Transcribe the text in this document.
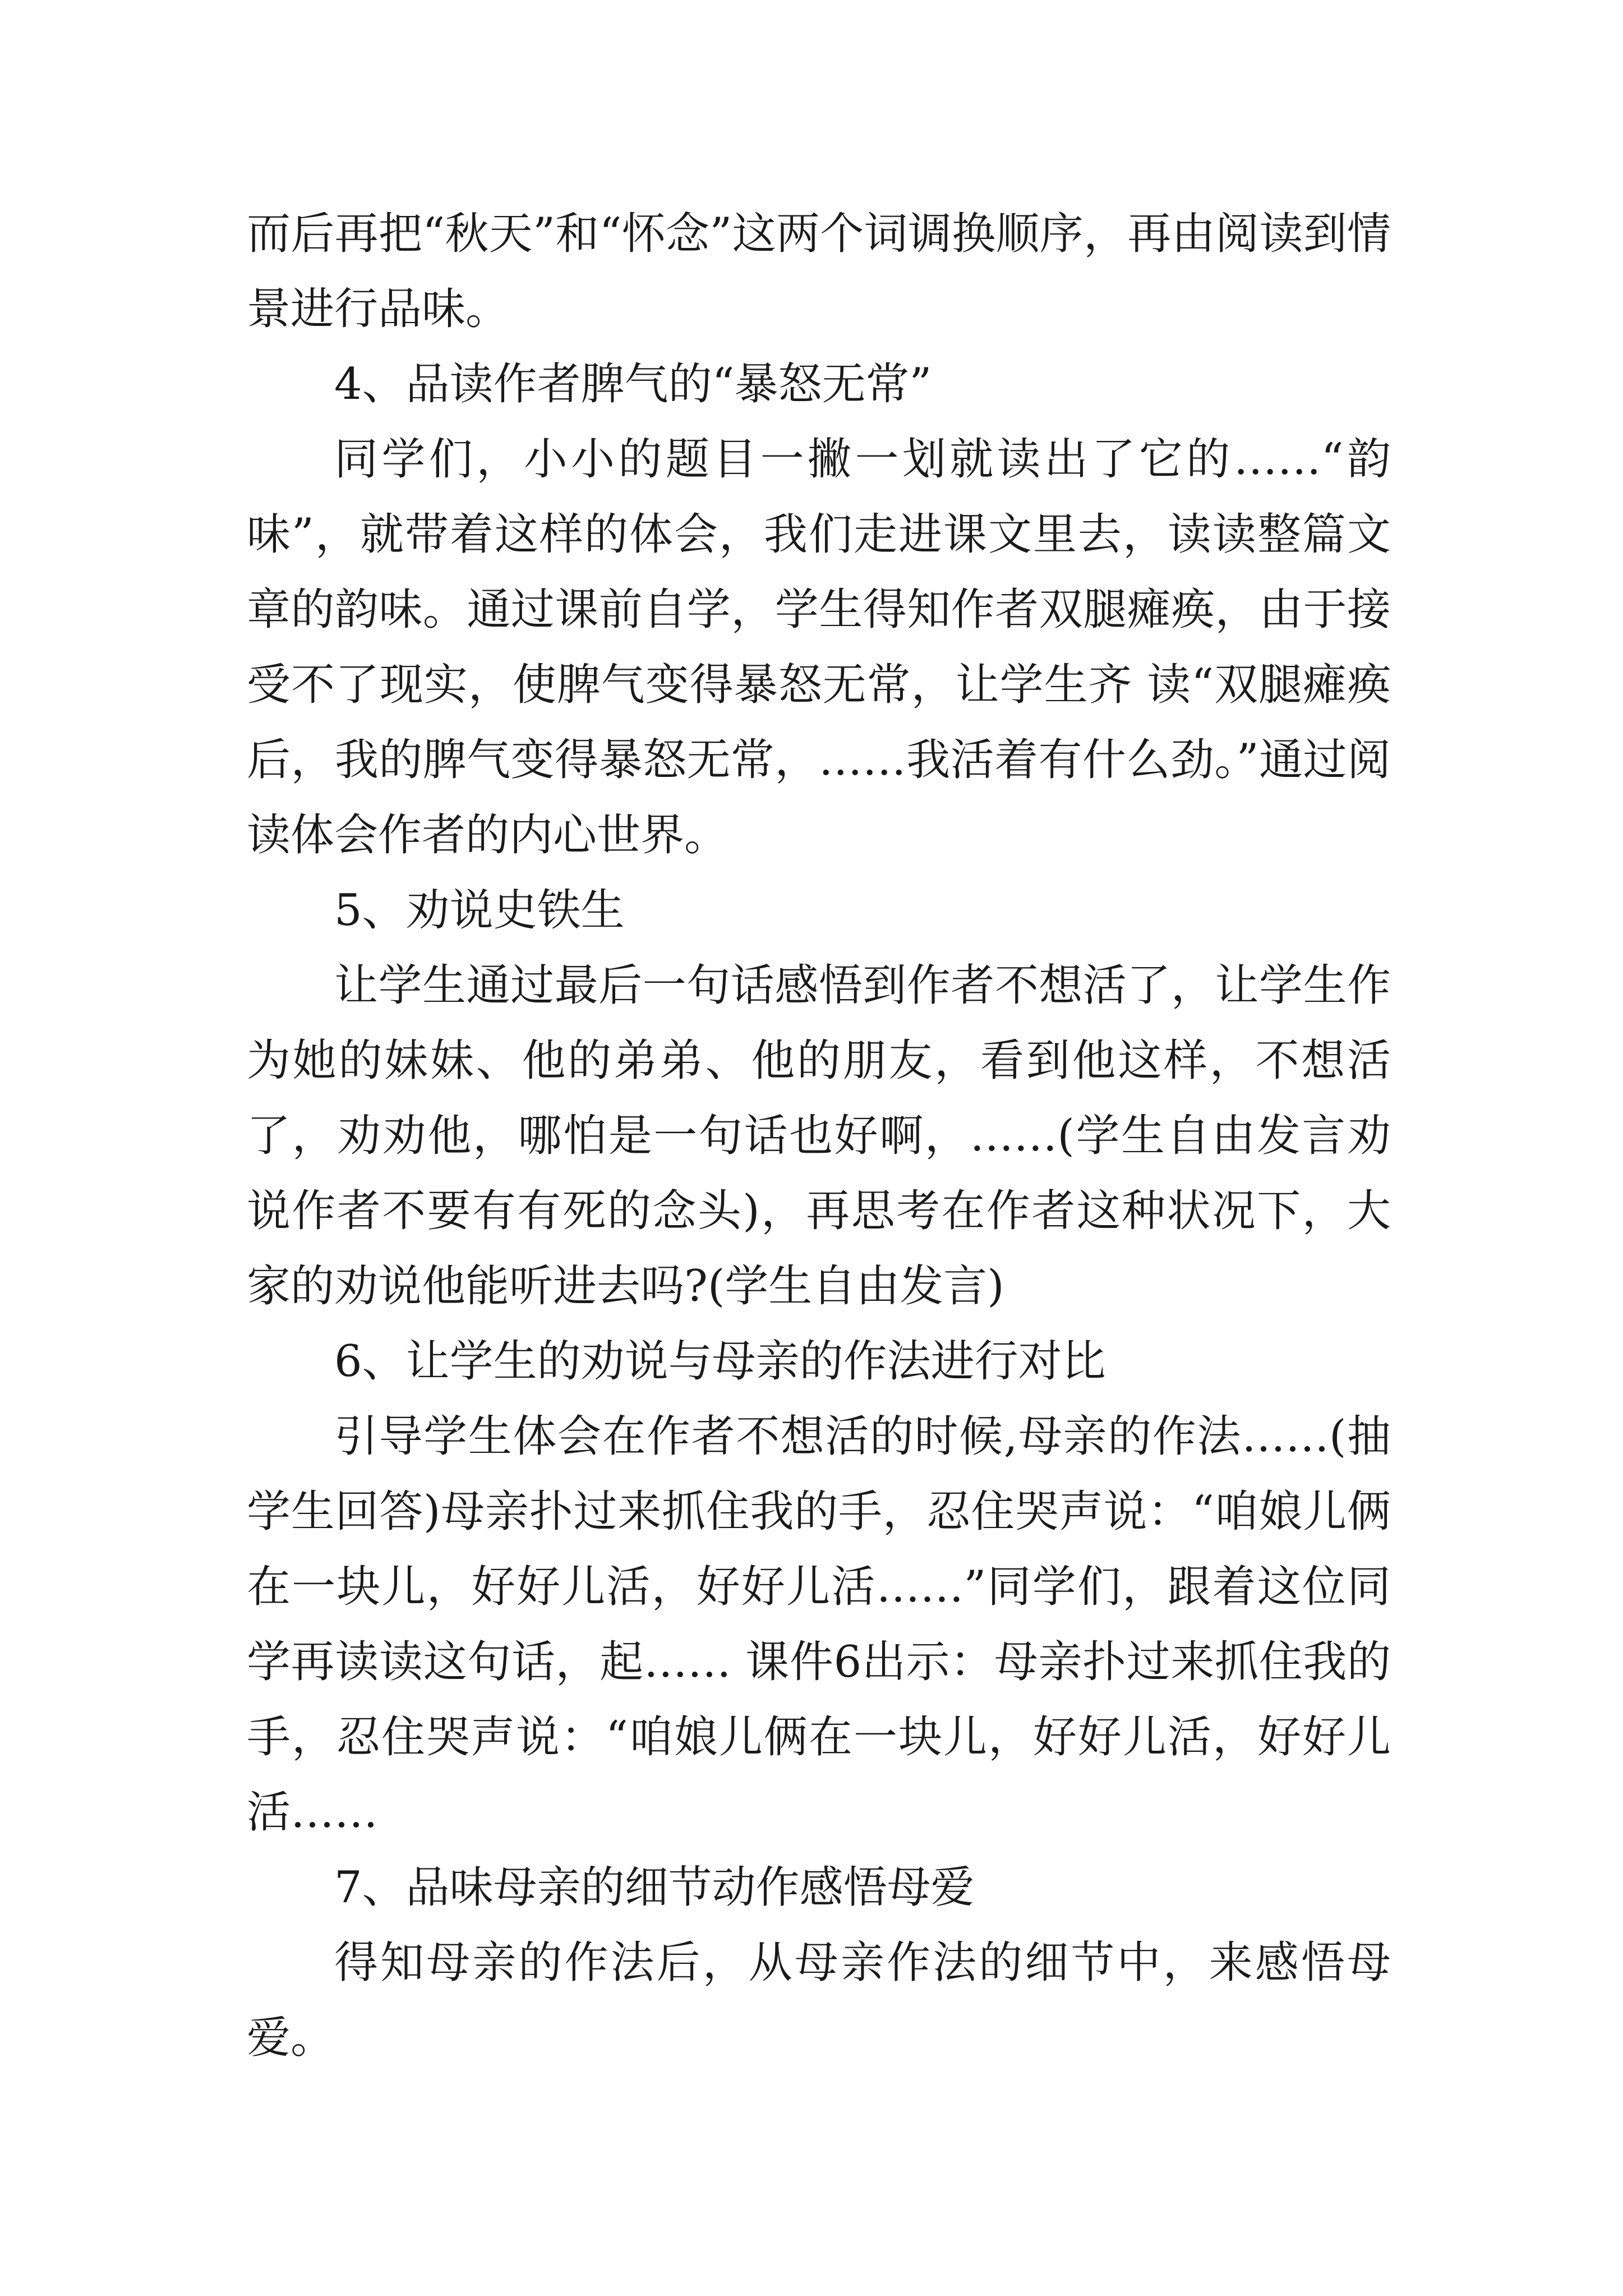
而后再把“秋天”和“怀念”这两个词调换顺序，再由阅读到情景进行品味。

4、品读作者脾气的“暴怒无常”

同学们，小小的题目一撇一划就读出了它的……“韵味”，就带着这样的体会，我们走进课文里去，读读整篇文章的韵味。通过课前自学，学生得知作者双腿瘫痪，由于接受不了现实，使脾气变得暴怒无常，让学生齐 读“双腿瘫痪后，我的脾气变得暴怒无常，……我活着有什么劲。”通过阅读体会作者的内心世界。

5、劝说史铁生

让学生通过最后一句话感悟到作者不想活了，让学生作为她的妹妹、他的弟弟、他的朋友，看到他这样，不想活了，劝劝他，哪怕是一句话也好啊，……(学生自由发言劝说作者不要有有死的念头)，再思考在作者这种状况下，大家的劝说他能听进去吗?(学生自由发言)

6、让学生的劝说与母亲的作法进行对比

引导学生体会在作者不想活的时候,母亲的作法……(抽学生回答)母亲扑过来抓住我的手，忍住哭声说：“咱娘儿俩在一块儿，好好儿活，好好儿活……”同学们，跟着这位同学再读读这句话，起…… 课件6出示：母亲扑过来抓住我的手，忍住哭声说：“咱娘儿俩在一块儿，好好儿活，好好儿活……

7、品味母亲的细节动作感悟母爱

得知母亲的作法后，从母亲作法的细节中，来感悟母爱。
